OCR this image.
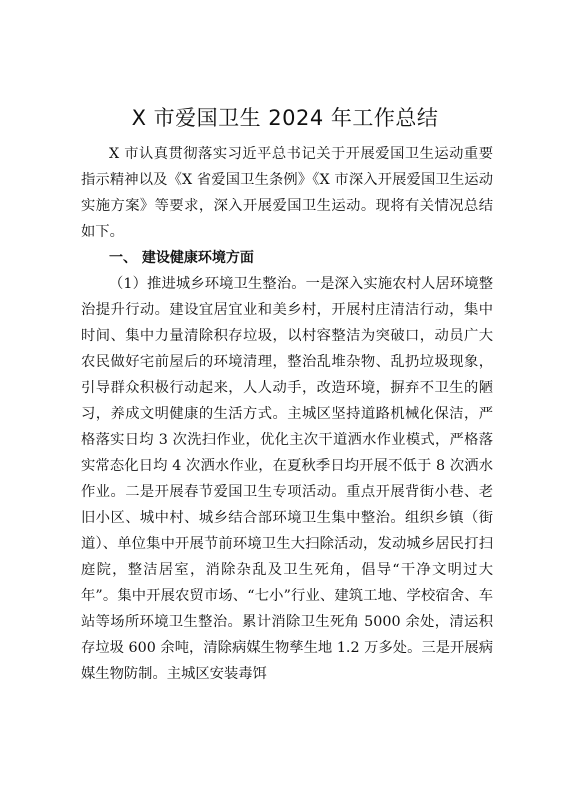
X 市爱国卫生 2024 年工作总结
X 市认真贯彻落实习近平总书记关于开展爱国卫生运动重要指示精神以及《X 省爱国卫生条例》《X 市深入开展爱国卫生运动实施方案》等要求，深入开展爱国卫生运动。现将有关情况总结如下。
一、 建设健康环境方面
（1）推进城乡环境卫生整治。一是深入实施农村人居环境整治提升行动。建设宜居宜业和美乡村，开展村庄清洁行动，集中时间、集中力量清除积存垃圾，以村容整洁为突破口，动员广大农民做好宅前屋后的环境清理，整治乱堆杂物、乱扔垃圾现象，引导群众积极行动起来，人人动手，改造环境，摒弃不卫生的陋习，养成文明健康的生活方式。主城区坚持道路机械化保洁，严格落实日均 3 次洗扫作业，优化主次干道洒水作业模式，严格落实常态化日均 4 次洒水作业，在夏秋季日均开展不低于 8 次洒水作业。二是开展春节爱国卫生专项活动。重点开展背街小巷、老旧小区、城中村、城乡结合部环境卫生集中整治。组织乡镇（街道）、单位集中开展节前环境卫生大扫除活动，发动城乡居民打扫庭院，整洁居室，消除杂乱及卫生死角，倡导“干净文明过大年”。集中开展农贸市场、“七小”行业、建筑工地、学校宿舍、车站等场所环境卫生整治。累计消除卫生死角 5000 余处，清运积存垃圾 600 余吨，清除病媒生物孳生地 1.2 万多处。三是开展病媒生物防制。主城区安装毒饵
